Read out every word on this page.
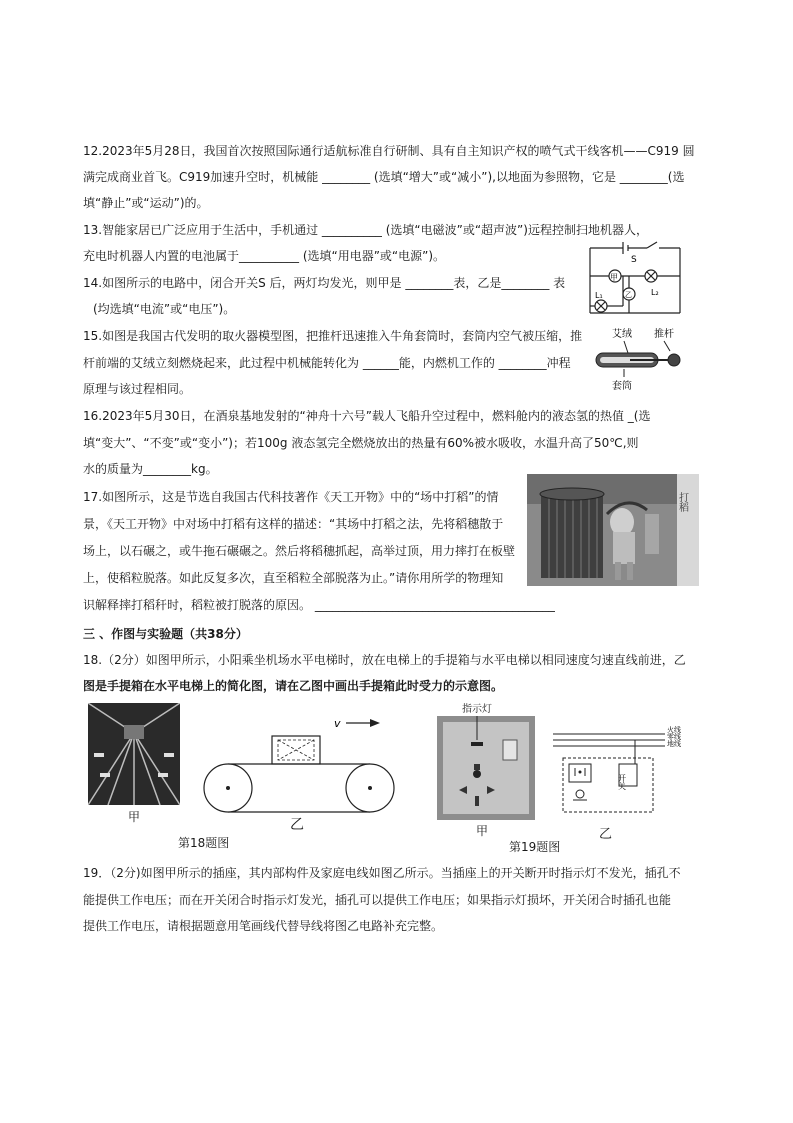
12.2023年5月28日，我国首次按照国际通行适航标准自行研制、具有自主知识产权的喷气式干线客机——C919 圆
满完成商业首飞。C919加速升空时，机械能 ________ (选填“增大”或“减小”),以地面为参照物，它是 ________(选
填“静止”或“运动”)的。
13.智能家居已广泛应用于生活中，手机通过 __________ (选填“电磁波”或“超声波”)远程控制扫地机器人，
充电时机器人内置的电池属于__________ (选填“用电器”或“电源”)。
14.如图所示的电路中，闭合开关S 后，两灯均发光，则甲是 ________表，乙是________ 表
(均选填“电流”或“电压”)。
S
甲
乙
L₁	L₂
15.如图是我国古代发明的取火器模型图，把推杆迅速推入牛角套筒时，套筒内空气被压缩，推
杆前端的艾绒立刻燃烧起来，此过程中机械能转化为 ______能，内燃机工作的 ________冲程
原理与该过程相同。
艾绒 推杆
套筒
16.2023年5月30日，在酒泉基地发射的“神舟十六号”载人飞船升空过程中，燃料舱内的液态氢的热值 _(选
填“变大”、“不变”或“变小”)；若100g 液态氢完全燃烧放出的热量有60%被水吸收，水温升高了50℃,则
水的质量为________kg。
17.如图所示，这是节选自我国古代科技著作《天工开物》中的“场中打稻”的情
景，《天工开物》中对场中打稻有这样的描述：“其场中打稻之法，先将稻穗散于
场上，以石碾之，或牛拖石碾碾之。然后将稻穗抓起，高举过顶，用力摔打在板壁
上，使稻粒脱落。如此反复多次，直至稻粒全部脱落为止。”请你用所学的物理知
识解释摔打稻秆时，稻粒被打脱落的原因。 ________________________________________
打稻
三 、作图与实验题（共38分）
18.（2分）如图甲所示，小阳乘坐机场水平电梯时，放在电梯上的手提箱与水平电梯以相同速度匀速直线前进，乙
图是手提箱在水平电梯上的简化图，请在乙图中画出手提箱此时受力的示意图。
甲
v
乙
第18题图
指示灯
甲
火线
零线
地线
开关
乙
第19题图
19．（2分)如图甲所示的插座，其内部构件及家庭电线如图乙所示。当插座上的开关断开时指示灯不发光，插孔不
能提供工作电压；而在开关闭合时指示灯发光，插孔可以提供工作电压；如果指示灯损坏，开关闭合时插孔也能
提供工作电压，请根据题意用笔画线代替导线将图乙电路补充完整。
